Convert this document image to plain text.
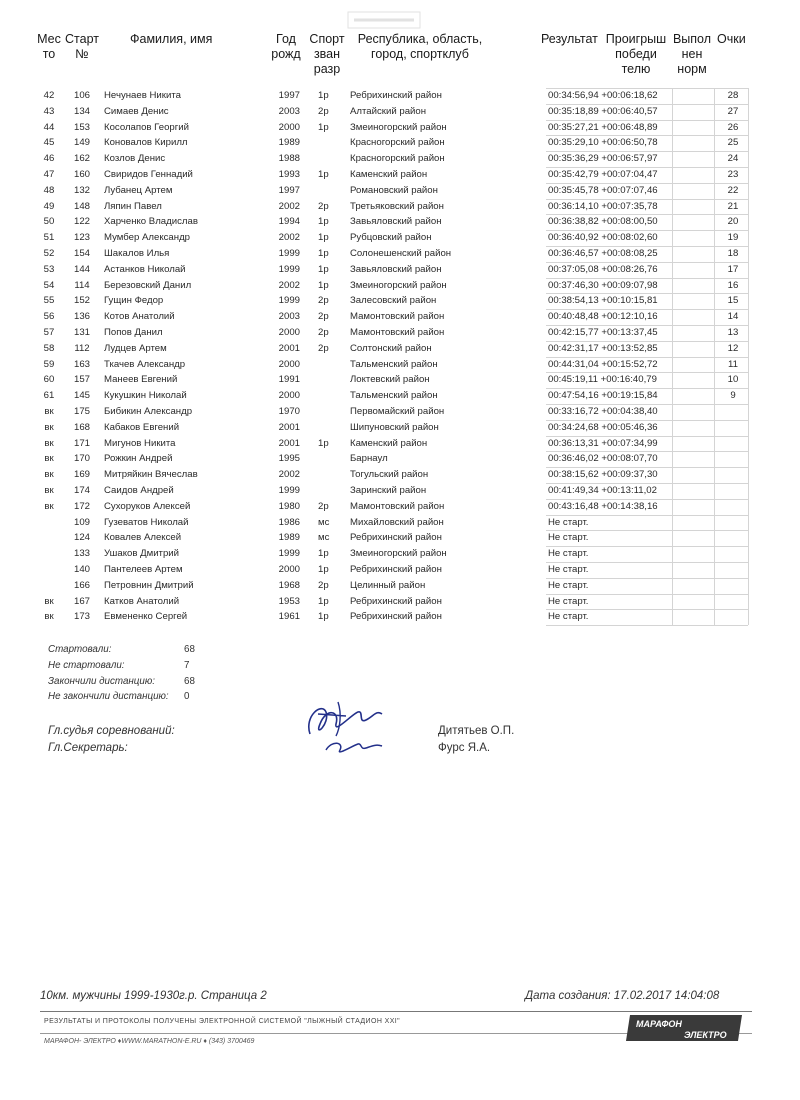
Мес
то
Старт
№
Фамилия, имя	Год
рожд
Спорт
зван
разр
Республика, область,
город, спортклуб
Результат Проигрыш
победи
телю
Выпол
нен
норм
Очки
42	106	Нечунаев Никита	1997 1р Ребрихинский район	00:34:56,94 +00:06:18,62	28
43	134	Симаев Денис	2003 2р Алтайский район	00:35:18,89 +00:06:40,57	27
44	153	Косолапов Георгий	2000 1р Змеиногорский район	00:35:27,21 +00:06:48,89	26
45	149	Коновалов Кирилл	1989	Красногорский район	00:35:29,10 +00:06:50,78	25
46	162	Козлов Денис	1988	Красногорский район	00:35:36,29 +00:06:57,97	24
47	160	Свиридов Геннадий	1993 1р Каменский район	00:35:42,79 +00:07:04,47	23
48	132	Лубанец Артем	1997	Романовский район	00:35:45,78 +00:07:07,46	22
49	148	Ляпин Павел	2002 2р Третьяковский район	00:36:14,10 +00:07:35,78	21
50	122	Харченко Владислав	1994 1р Завьяловский район	00:36:38,82 +00:08:00,50	20
51	123	Мумбер Александр	2002 1р Рубцовский район	00:36:40,92 +00:08:02,60	19
52	154	Шакалов Илья	1999 1р Солонешенский район	00:36:46,57 +00:08:08,25	18
53	144	Астанков Николай	1999 1р Завьяловский район	00:37:05,08 +00:08:26,76	17
54	114	Березовский Данил	2002 1р Змеиногорский район	00:37:46,30 +00:09:07,98	16
55	152	Гущин Федор	1999 2р Залесовский район	00:38:54,13 +00:10:15,81	15
56	136	Котов Анатолий	2003 2р Мамонтовский район	00:40:48,48 +00:12:10,16	14
57	131	Попов Данил	2000 2р Мамонтовский район	00:42:15,77 +00:13:37,45	13
58	112	Лудцев Артем	2001 2р Солтонский район	00:42:31,17 +00:13:52,85	12
59	163	Ткачев Александр	2000	Тальменский район	00:44:31,04 +00:15:52,72	11
60	157	Манеев Евгений	1991	Локтевский район	00:45:19,11 +00:16:40,79	10
61	145	Кукушкин Николай	2000	Тальменский район	00:47:54,16 +00:19:15,84	9
вк	175	Бибикин Александр	1970	Первомайский район	00:33:16,72 +00:04:38,40
вк	168	Кабаков Евгений	2001	Шипуновский район	00:34:24,68 +00:05:46,36
вк	171	Мигунов Никита	2001 1р Каменский район	00:36:13,31 +00:07:34,99
вк	170	Рожкин Андрей	1995	Барнаул	00:36:46,02 +00:08:07,70
вк	169	Митряйкин Вячеслав	2002	Тогульский район	00:38:15,62 +00:09:37,30
вк	174	Саидов Андрей	1999	Заринский район	00:41:49,34 +00:13:11,02
вк	172	Сухоруков Алексей	1980 2р Мамонтовский район	00:43:16,48 +00:14:38,16
109	Гузеватов Николай	1986 мс Михайловский район	Не старт.
124	Ковалев Алексей	1989 мс Ребрихинский район	Не старт.
133	Ушаков Дмитрий	1999 1р Змеиногорский район	Не старт.
140	Пантелеев Артем	2000 1р Ребрихинский район	Не старт.
166	Петровнин Дмитрий	1968 2р Целинный район	Не старт.
вк	167	Катков Анатолий	1953 1р Ребрихинский район	Не старт.
вк	173	Евмененко Сергей	1961 1р Ребрихинский район	Не старт.
Стартовали:	68
Не стартовали:	7
Закончили дистанцию:	68
Не закончили дистанцию: 0
Гл.судья соревнований:
Гл.Секретарь:
Дитятьев О.П.
Фурс Я.А.
10км. мужчины 1999-1930г.р. Страница 2	Дата создания: 17.02.2017 14:04:08
РЕЗУЛЬТАТЫ И ПРОТОКОЛЫ ПОЛУЧЕНЫ ЭЛЕКТРОННОЙ СИСТЕМОЙ "ЛЫЖНЫЙ СТАДИОН XXI"
МАРАФОН- ЭЛЕКТРО ♦WWW.MARATHON-E.RU ♦ (343) 3700469
МАРАФОН
ЭЛЕКТРО
